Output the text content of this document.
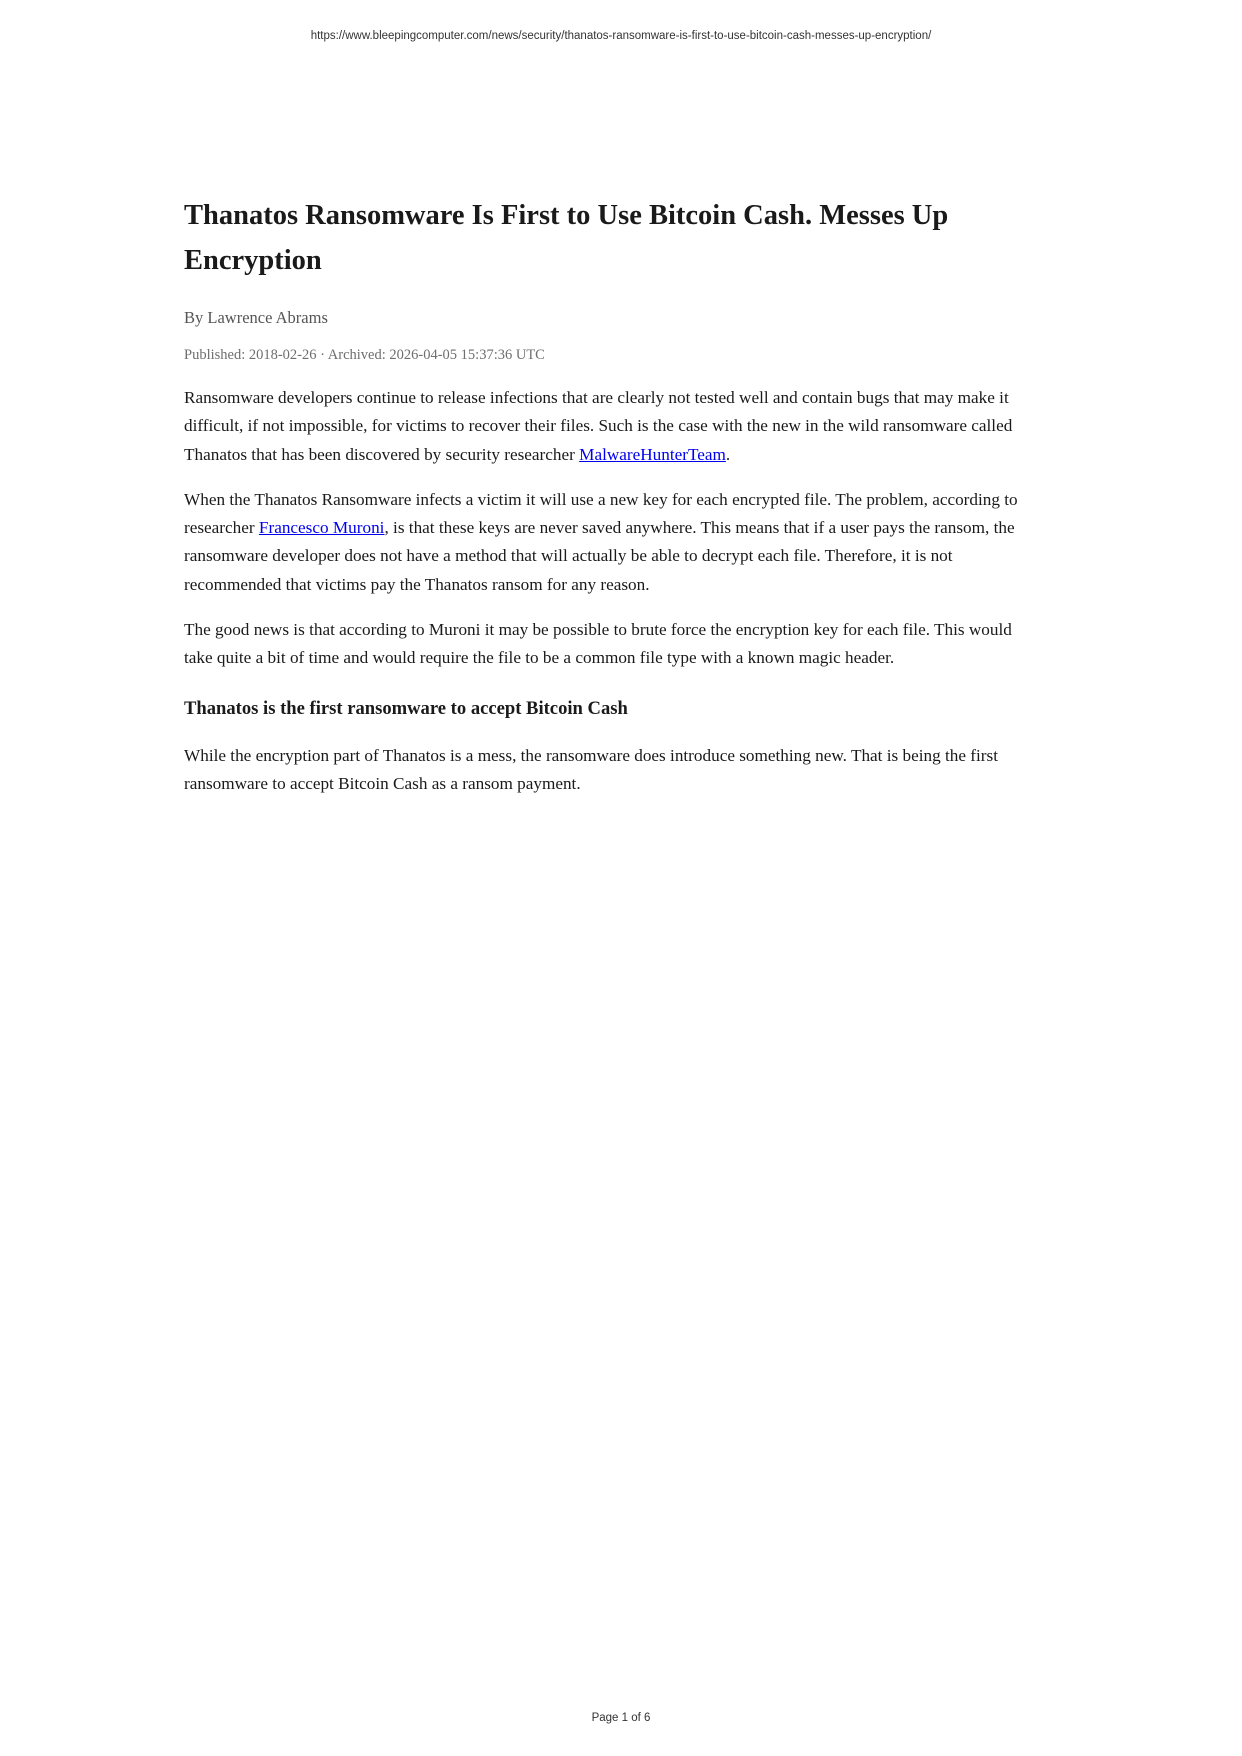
https://www.bleepingcomputer.com/news/security/thanatos-ransomware-is-first-to-use-bitcoin-cash-messes-up-encryption/
Thanatos Ransomware Is First to Use Bitcoin Cash. Messes Up Encryption
By Lawrence Abrams
Published: 2018-02-26 · Archived: 2026-04-05 15:37:36 UTC

Ransomware developers continue to release infections that are clearly not tested well and contain bugs that may make it difficult, if not impossible, for victims to recover their files. Such is the case with the new in the wild ransomware called Thanatos that has been discovered by security researcher MalwareHunterTeam.

When the Thanatos Ransomware infects a victim it will use a new key for each encrypted file. The problem, according to researcher Francesco Muroni, is that these keys are never saved anywhere. This means that if a user pays the ransom, the ransomware developer does not have a method that will actually be able to decrypt each file. Therefore, it is not recommended that victims pay the Thanatos ransom for any reason.

The good news is that according to Muroni it may be possible to brute force the encryption key for each file. This would take quite a bit of time and would require the file to be a common file type with a known magic header.

Thanatos is the first ransomware to accept Bitcoin Cash

While the encryption part of Thanatos is a mess, the ransomware does introduce something new. That is being the first ransomware to accept Bitcoin Cash as a ransom payment.

Page 1 of 6
